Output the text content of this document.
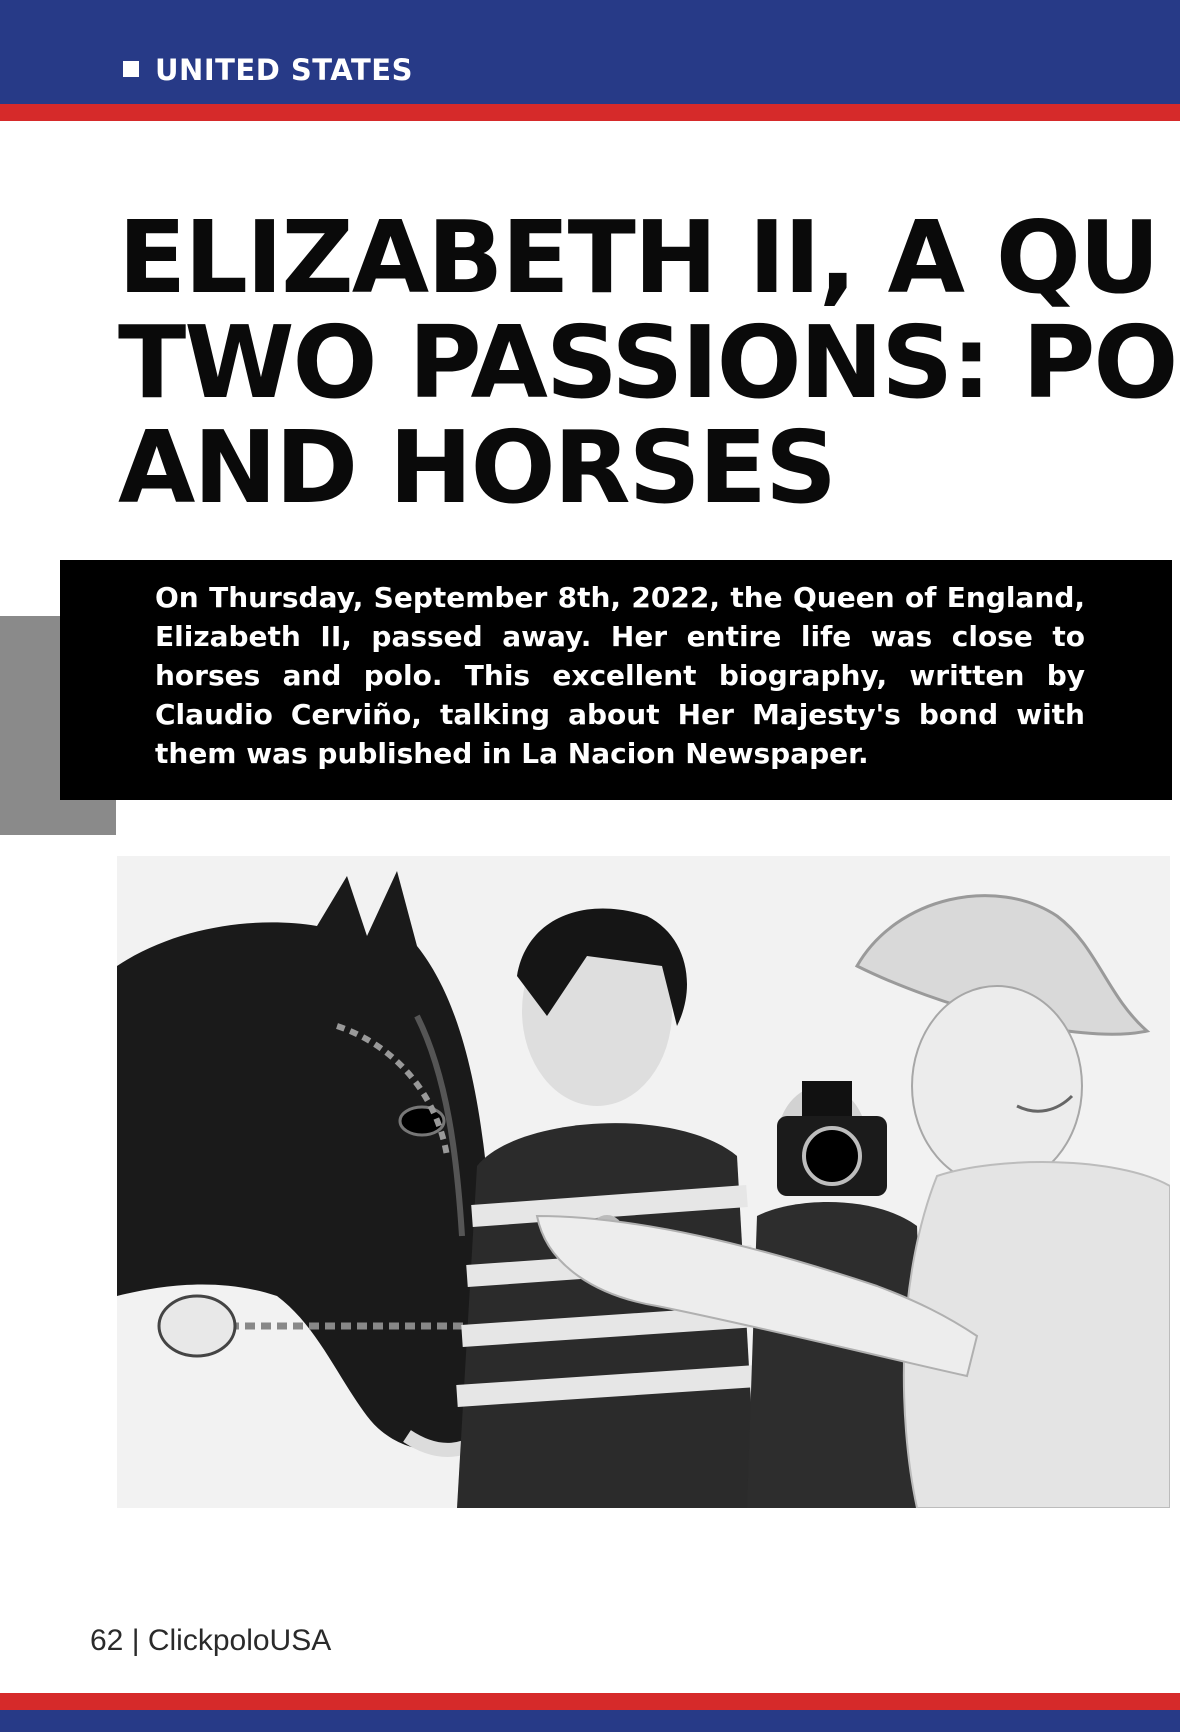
UNITED STATES
ELIZABETH II, A QU
TWO PASSIONS: PO
AND HORSES

On Thursday, September 8th, 2022, the Queen of England, Elizabeth II, passed away. Her entire life was close to horses and polo. This excellent biography, written by Claudio Cerviño, talking about Her Majesty's bond with them was published in La Nacion Newspaper.

62 | ClickpoloUSA
